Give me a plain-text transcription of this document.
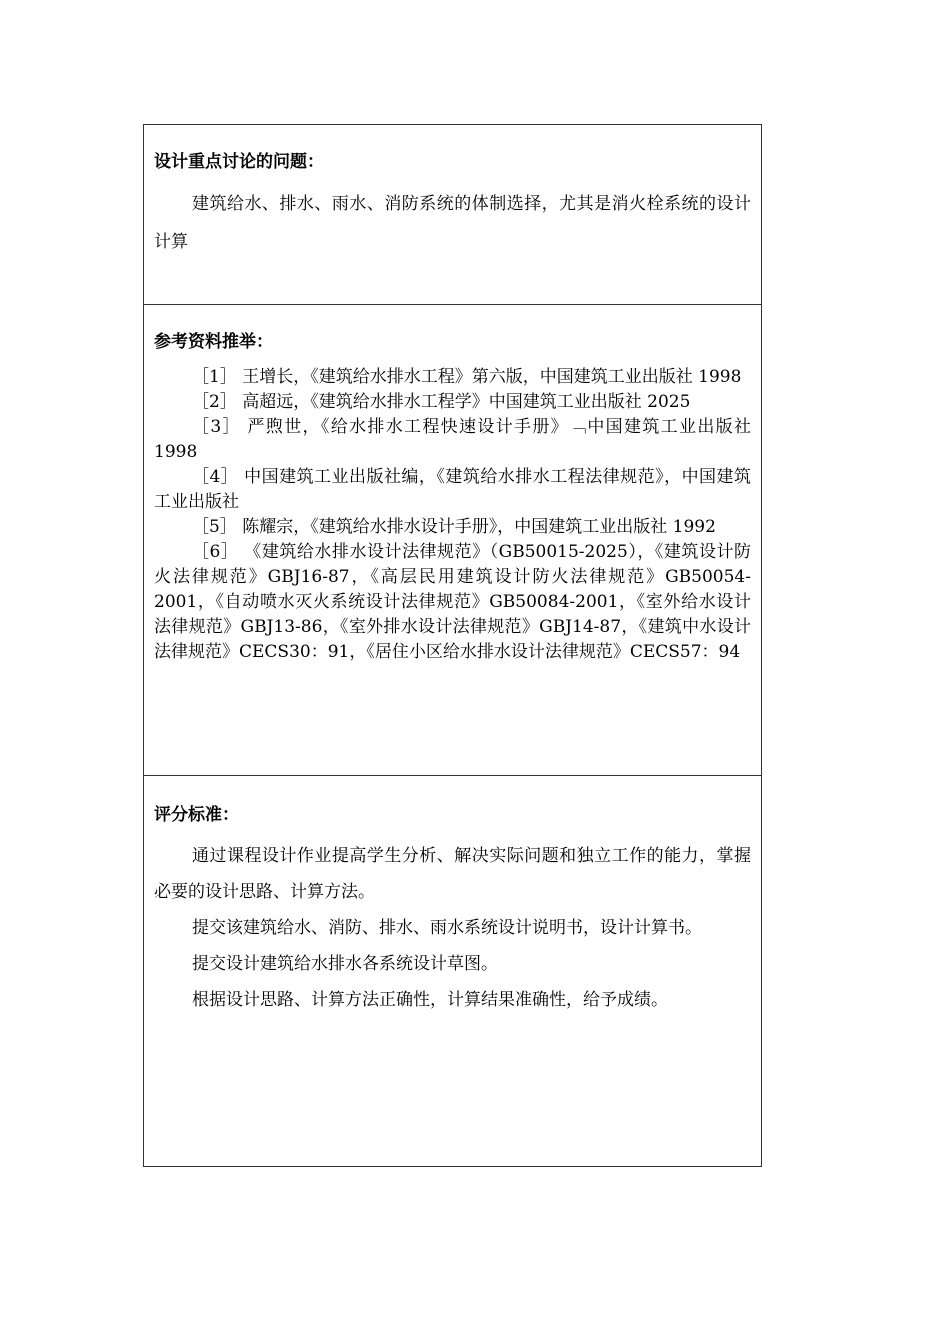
设计重点讨论的问题：

建筑给水、排水、雨水、消防系统的体制选择，尤其是消火栓系统的设计计算

参考资料推举：

［1］ 王增长，《建筑给水排水工程》第六版，中国建筑工业出版社 1998

［2］ 高超远，《建筑给水排水工程学》中国建筑工业出版社 2025

［3］ 严煦世，《给水排水工程快速设计手册》﹁中国建筑工业出版社 1998

［4］ 中国建筑工业出版社编，《建筑给水排水工程法律规范》，中国建筑工业出版社

［5］ 陈耀宗，《建筑给水排水设计手册》，中国建筑工业出版社 1992

［6］ 《建筑给水排水设计法律规范》（GB50015-2025），《建筑设计防火法律规范》GBJ16-87，《高层民用建筑设计防火法律规范》GB50054-2001，《自动喷水灭火系统设计法律规范》GB50084-2001，《室外给水设计法律规范》GBJ13-86，《室外排水设计法律规范》GBJ14-87，《建筑中水设计法律规范》CECS30：91，《居住小区给水排水设计法律规范》CECS57：94

评分标准：

通过课程设计作业提高学生分析、解决实际问题和独立工作的能力，掌握必要的设计思路、计算方法。

提交该建筑给水、消防、排水、雨水系统设计说明书，设计计算书。

提交设计建筑给水排水各系统设计草图。

根据设计思路、计算方法正确性，计算结果准确性，给予成绩。
